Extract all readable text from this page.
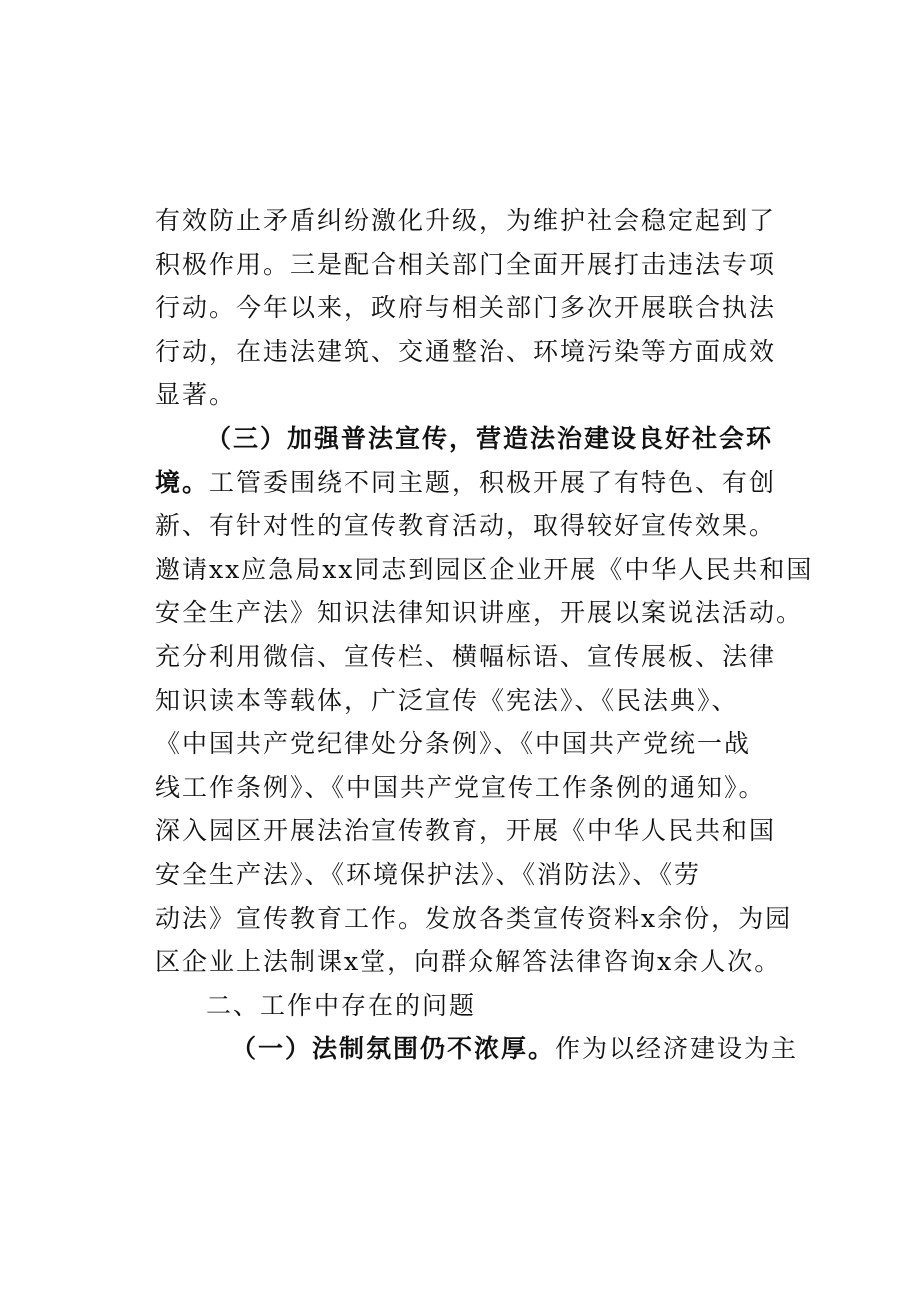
有效防止矛盾纠纷激化升级，为维护社会稳定起到了
积极作用。三是配合相关部门全面开展打击违法专项
行动。今年以来，政府与相关部门多次开展联合执法
行动，在违法建筑、交通整治、环境污染等方面成效
显著。
（三）加强普法宣传，营造法治建设良好社会环
境。工管委围绕不同主题，积极开展了有特色、有创
新、有针对性的宣传教育活动，取得较好宣传效果。
邀请xx应急局xx同志到园区企业开展《中华人民共和国
安全生产法》知识法律知识讲座，开展以案说法活动。
充分利用微信、宣传栏、横幅标语、宣传展板、法律
知识读本等载体，广泛宣传《宪法》、《民法典》、
《中国共产党纪律处分条例》、《中国共产党统一战
线工作条例》、《中国共产党宣传工作条例的通知》。
深入园区开展法治宣传教育，开展《中华人民共和国
安全生产法》、《环境保护法》、《消防法》、《劳
动法》宣传教育工作。发放各类宣传资料x余份，为园
区企业上法制课x堂，向群众解答法律咨询x余人次。
二、工作中存在的问题
（一）法制氛围仍不浓厚。作为以经济建设为主
